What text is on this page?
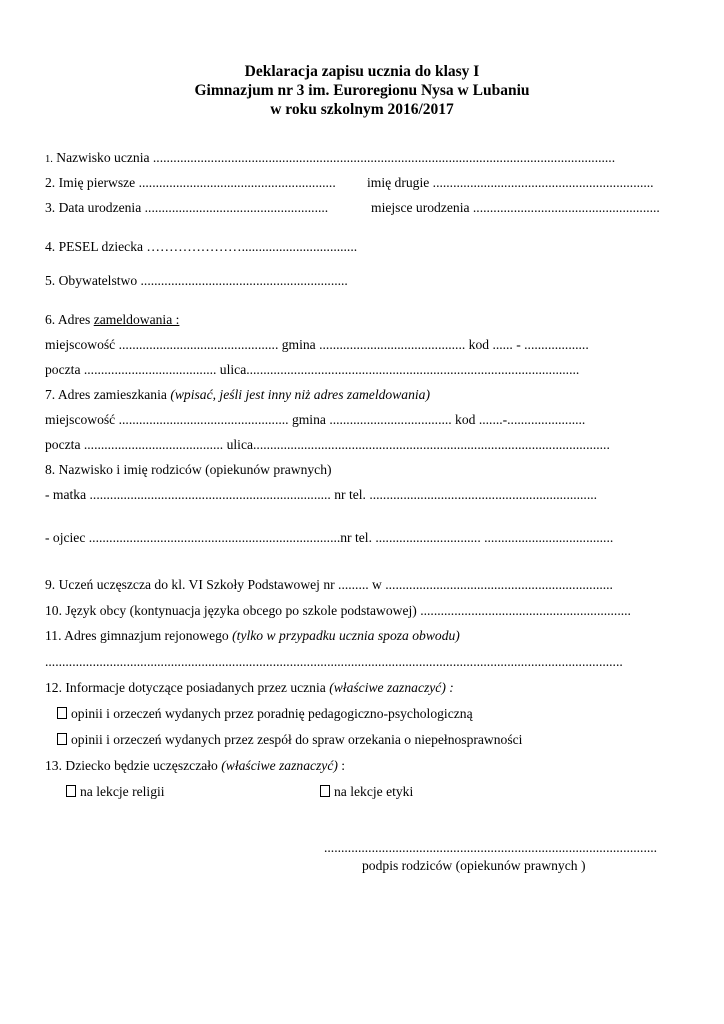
Deklaracja zapisu ucznia do klasy I
Gimnazjum nr 3 im. Euroregionu Nysa w Lubaniu
w roku szkolnym 2016/2017
1. Nazwisko ucznia ........................................................................................................................................
2. Imię pierwsze .......................................................... imię drugie .................................................................
3. Data urodzenia ......................................................	miejsce urodzenia .......................................................
4. PESEL dziecka …………………..................................
5. Obywatelstwo .............................................................
6. Adres zameldowania :
miejscowość ............................................... gmina ........................................... kod ...... - ...................
poczta ....................................... ulica..................................................................................................
7. Adres zamieszkania (wpisać, jeśli jest inny niż adres zameldowania)
miejscowość .................................................. gmina .................................... kod .......-.......................
poczta ......................................... ulica.........................................................................................................
8. Nazwisko i imię rodziców (opiekunów prawnych)
- matka ....................................................................... nr tel. ...................................................................
- ojciec ..........................................................................nr tel. ............................... ......................................
9. Uczeń uczęszcza do kl. VI Szkoły Podstawowej nr ......... w ...................................................................
10. Język obcy (kontynuacja języka obcego po szkole podstawowej) ..............................................................
11. Adres gimnazjum rejonowego (tylko w przypadku ucznia spoza obwodu)
..........................................................................................................................................................................
12. Informacje dotyczące posiadanych przez ucznia (właściwe zaznaczyć) :
opinii i orzeczeń wydanych przez poradnię pedagogiczno-psychologiczną
opinii i orzeczeń wydanych przez zespół do spraw orzekania o niepełnosprawności
13. Dziecko będzie uczęszczało (właściwe zaznaczyć) :
na lekcje religii	na lekcje etyki
..................................................................................................
podpis rodziców (opiekunów prawnych )
